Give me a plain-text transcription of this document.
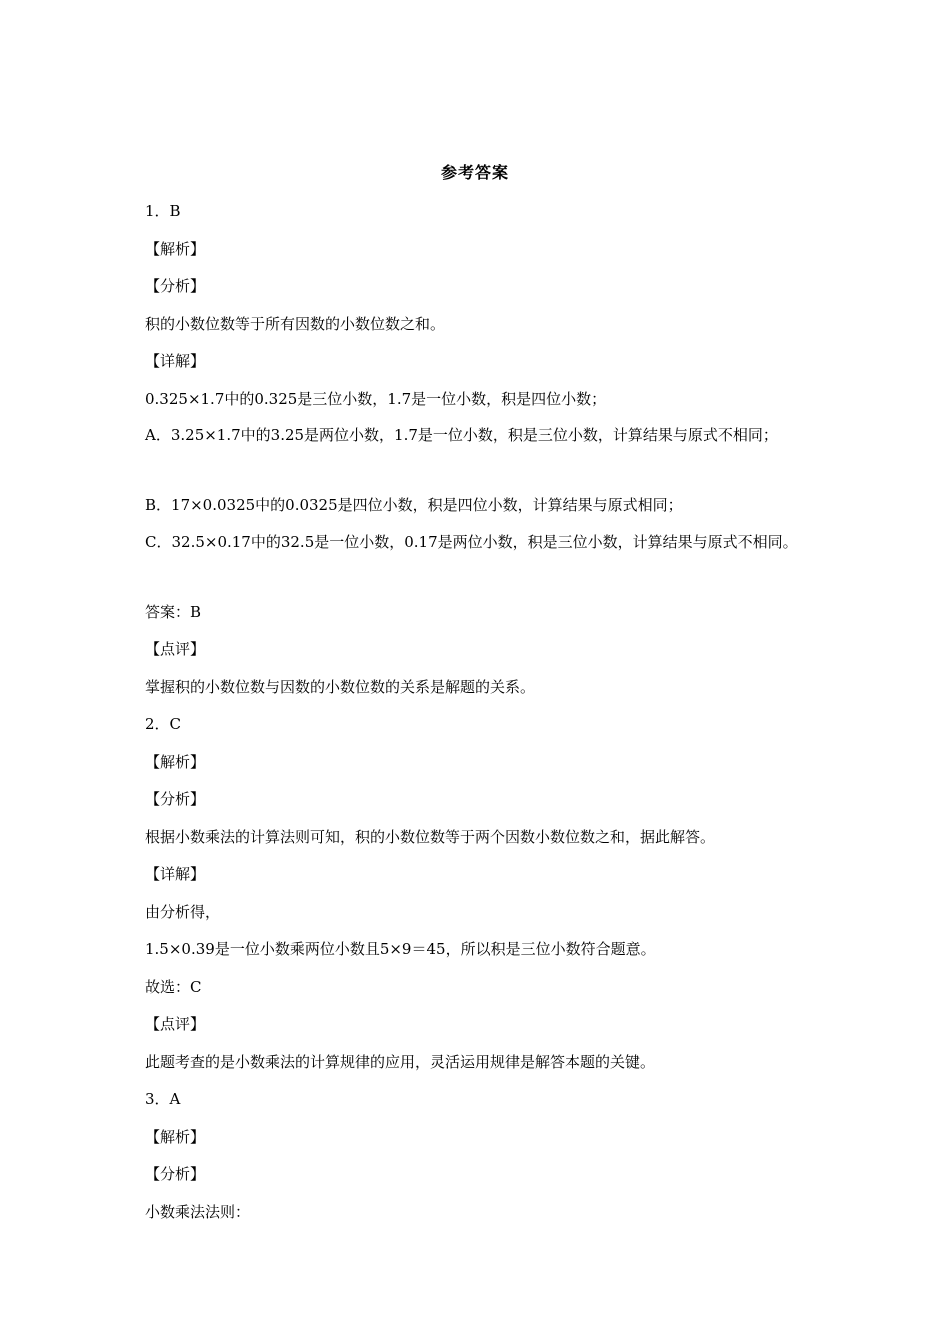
参考答案
1．B
【解析】
【分析】
积的小数位数等于所有因数的小数位数之和。
【详解】
0.325×1.7中的0.325是三位小数，1.7是一位小数，积是四位小数；
A．3.25×1.7中的3.25是两位小数，1.7是一位小数，积是三位小数，计算结果与原式不相同；
B．17×0.0325中的0.0325是四位小数，积是四位小数，计算结果与原式相同；
C．32.5×0.17中的32.5是一位小数，0.17是两位小数，积是三位小数，计算结果与原式不相同。
答案：B
【点评】
掌握积的小数位数与因数的小数位数的关系是解题的关系。
2．C
【解析】
【分析】
根据小数乘法的计算法则可知，积的小数位数等于两个因数小数位数之和，据此解答。
【详解】
由分析得，
1.5×0.39是一位小数乘两位小数且5×9＝45，所以积是三位小数符合题意。
故选：C
【点评】
此题考查的是小数乘法的计算规律的应用，灵活运用规律是解答本题的关键。
3．A
【解析】
【分析】
小数乘法法则：
